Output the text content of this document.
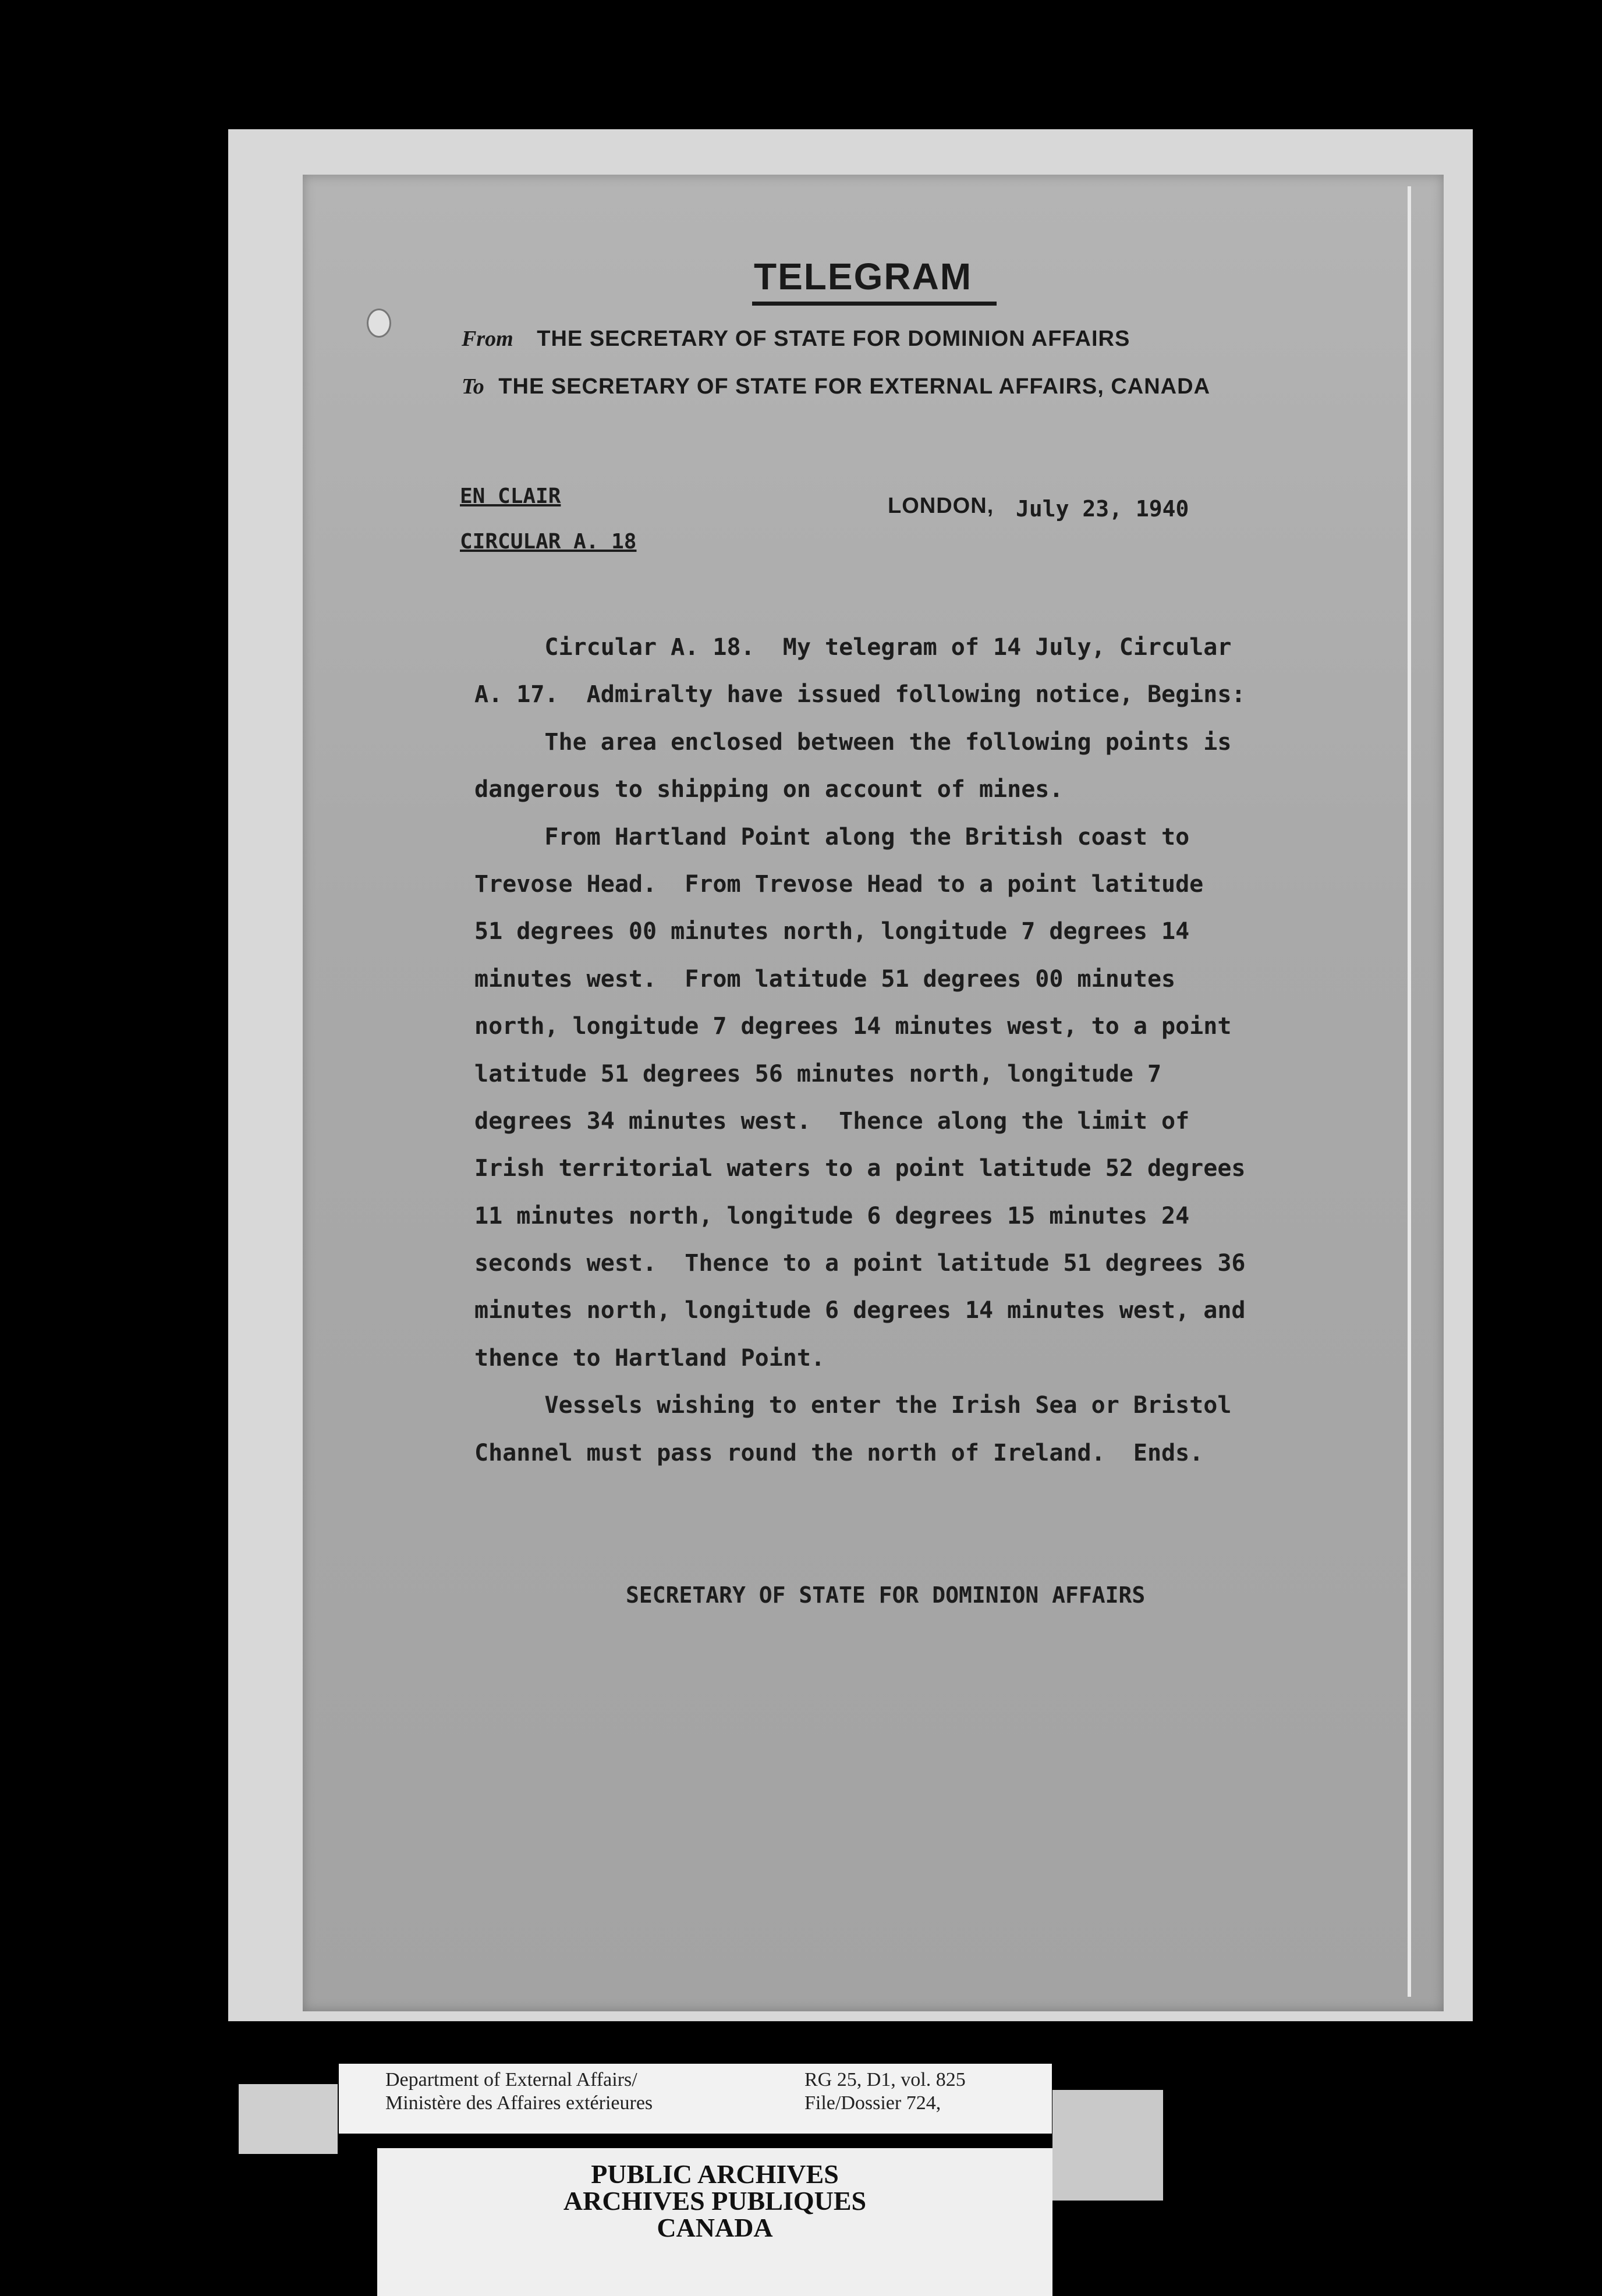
TELEGRAM
From THE SECRETARY OF STATE FOR DOMINION AFFAIRS
To THE SECRETARY OF STATE FOR EXTERNAL AFFAIRS, CANADA
EN CLAIR
CIRCULAR A. 18
LONDON, July 23, 1940
Circular A. 18.  My telegram of 14 July, Circular
A. 17.  Admiralty have issued following notice, Begins:
The area enclosed between the following points is
dangerous to shipping on account of mines.
From Hartland Point along the British coast to
Trevose Head.  From Trevose Head to a point latitude
51 degrees 00 minutes north, longitude 7 degrees 14
minutes west.  From latitude 51 degrees 00 minutes
north, longitude 7 degrees 14 minutes west, to a point
latitude 51 degrees 56 minutes north, longitude 7
degrees 34 minutes west.  Thence along the limit of
Irish territorial waters to a point latitude 52 degrees
11 minutes north, longitude 6 degrees 15 minutes 24
seconds west.  Thence to a point latitude 51 degrees 36
minutes north, longitude 6 degrees 14 minutes west, and
thence to Hartland Point.
Vessels wishing to enter the Irish Sea or Bristol
Channel must pass round the north of Ireland.  Ends.
SECRETARY OF STATE FOR DOMINION AFFAIRS
Department of External Affairs/
Ministère des Affaires extérieures
RG 25, D1, vol. 825
File/Dossier 724,
PUBLIC ARCHIVES
ARCHIVES PUBLIQUES
CANADA
